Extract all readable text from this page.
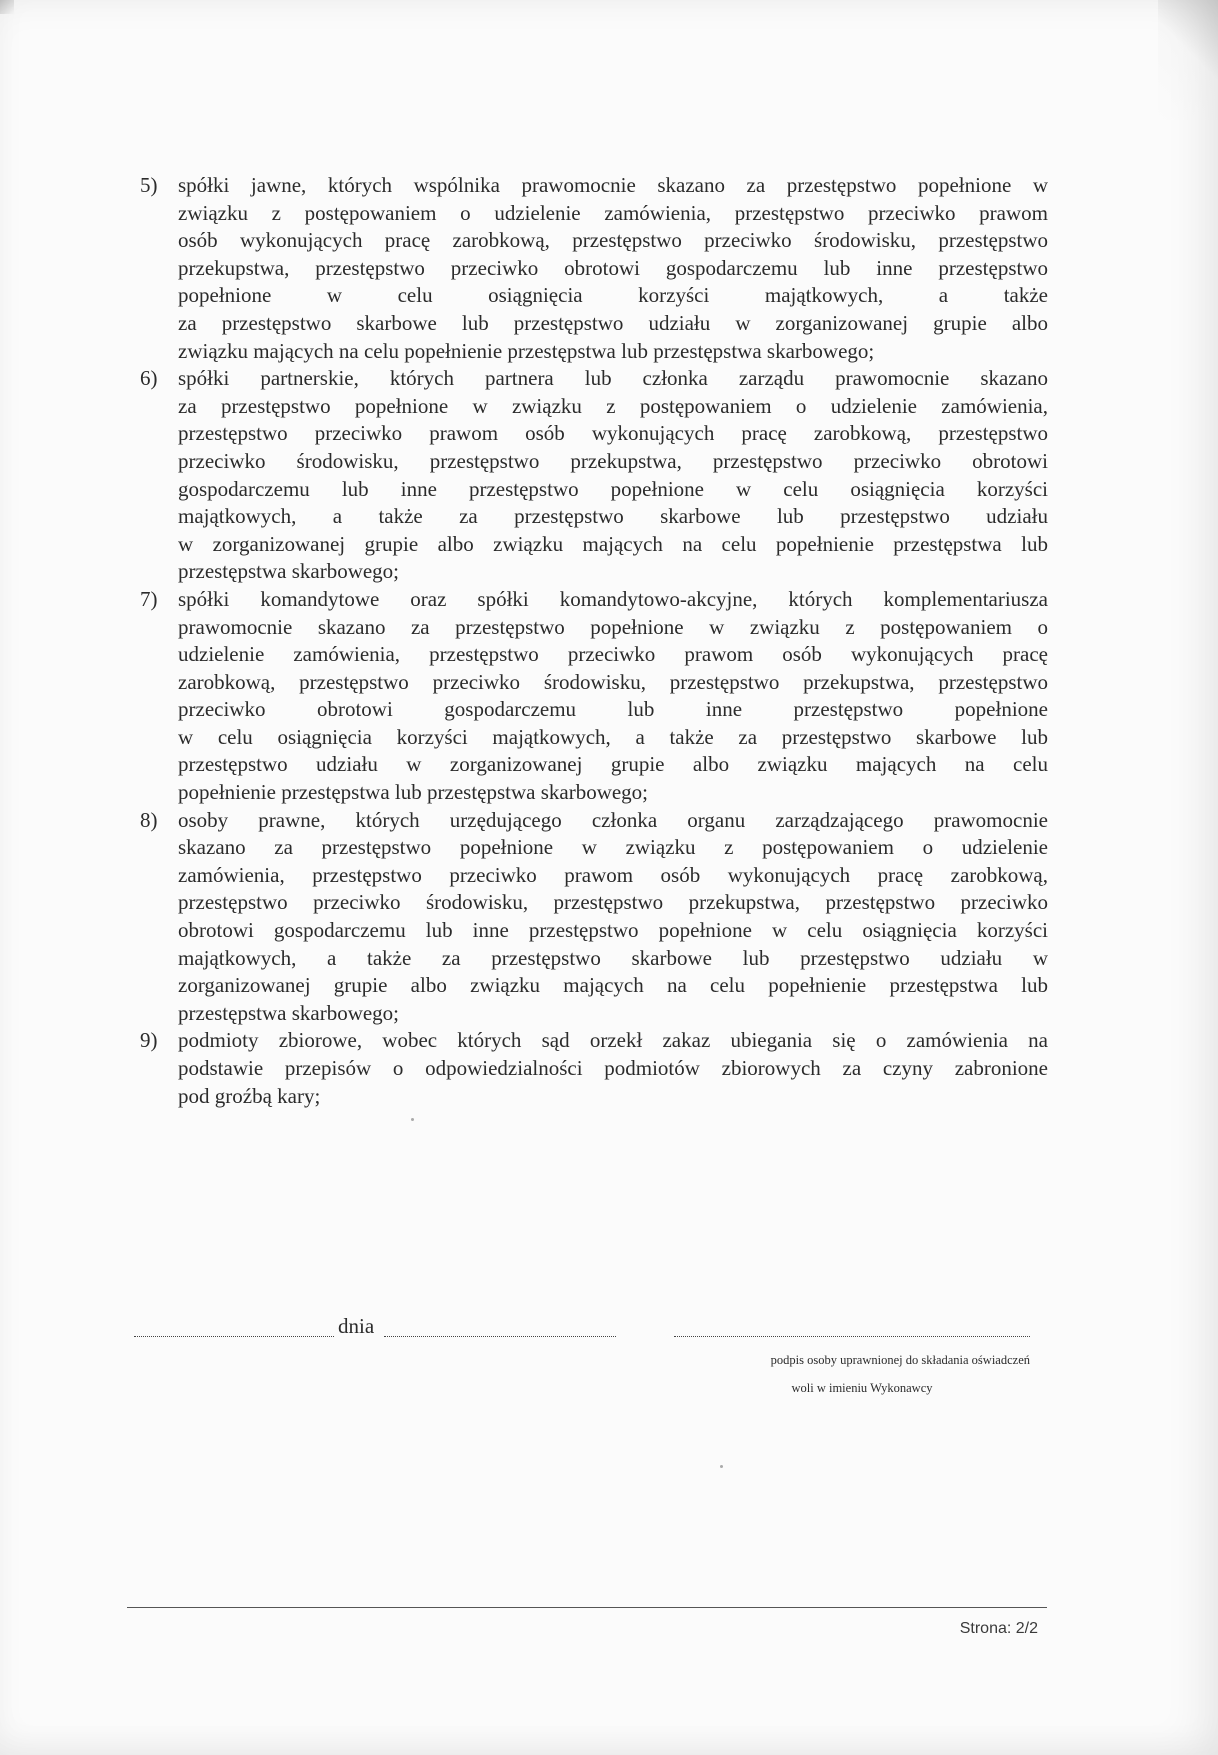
5) spółki jawne, których wspólnika prawomocnie skazano za przestępstwo popełnione w
związku z postępowaniem o udzielenie zamówienia, przestępstwo przeciwko prawom
osób wykonujących pracę zarobkową, przestępstwo przeciwko środowisku, przestępstwo
przekupstwa, przestępstwo przeciwko obrotowi gospodarczemu lub inne przestępstwo
popełnione w celu osiągnięcia korzyści majątkowych, a także
za przestępstwo skarbowe lub przestępstwo udziału w zorganizowanej grupie albo
związku mających na celu popełnienie przestępstwa lub przestępstwa skarbowego;
6) spółki partnerskie, których partnera lub członka zarządu prawomocnie skazano
za przestępstwo popełnione w związku z postępowaniem o udzielenie zamówienia,
przestępstwo przeciwko prawom osób wykonujących pracę zarobkową, przestępstwo
przeciwko środowisku, przestępstwo przekupstwa, przestępstwo przeciwko obrotowi
gospodarczemu lub inne przestępstwo popełnione w celu osiągnięcia korzyści
majątkowych, a także za przestępstwo skarbowe lub przestępstwo udziału
w zorganizowanej grupie albo związku mających na celu popełnienie przestępstwa lub
przestępstwa skarbowego;
7) spółki komandytowe oraz spółki komandytowo-akcyjne, których komplementariusza
prawomocnie skazano za przestępstwo popełnione w związku z postępowaniem o
udzielenie zamówienia, przestępstwo przeciwko prawom osób wykonujących pracę
zarobkową, przestępstwo przeciwko środowisku, przestępstwo przekupstwa, przestępstwo
przeciwko obrotowi gospodarczemu lub inne przestępstwo popełnione
w celu osiągnięcia korzyści majątkowych, a także za przestępstwo skarbowe lub
przestępstwo udziału w zorganizowanej grupie albo związku mających na celu
popełnienie przestępstwa lub przestępstwa skarbowego;
8) osoby prawne, których urzędującego członka organu zarządzającego prawomocnie
skazano za przestępstwo popełnione w związku z postępowaniem o udzielenie
zamówienia, przestępstwo przeciwko prawom osób wykonujących pracę zarobkową,
przestępstwo przeciwko środowisku, przestępstwo przekupstwa, przestępstwo przeciwko
obrotowi gospodarczemu lub inne przestępstwo popełnione w celu osiągnięcia korzyści
majątkowych, a także za przestępstwo skarbowe lub przestępstwo udziału w
zorganizowanej grupie albo związku mających na celu popełnienie przestępstwa lub
przestępstwa skarbowego;
9) podmioty zbiorowe, wobec których sąd orzekł zakaz ubiegania się o zamówienia na
podstawie przepisów o odpowiedzialności podmiotów zbiorowych za czyny zabronione
pod groźbą kary;
dnia
podpis osoby uprawnionej do składania oświadczeń
woli w imieniu Wykonawcy
Strona: 2/2
